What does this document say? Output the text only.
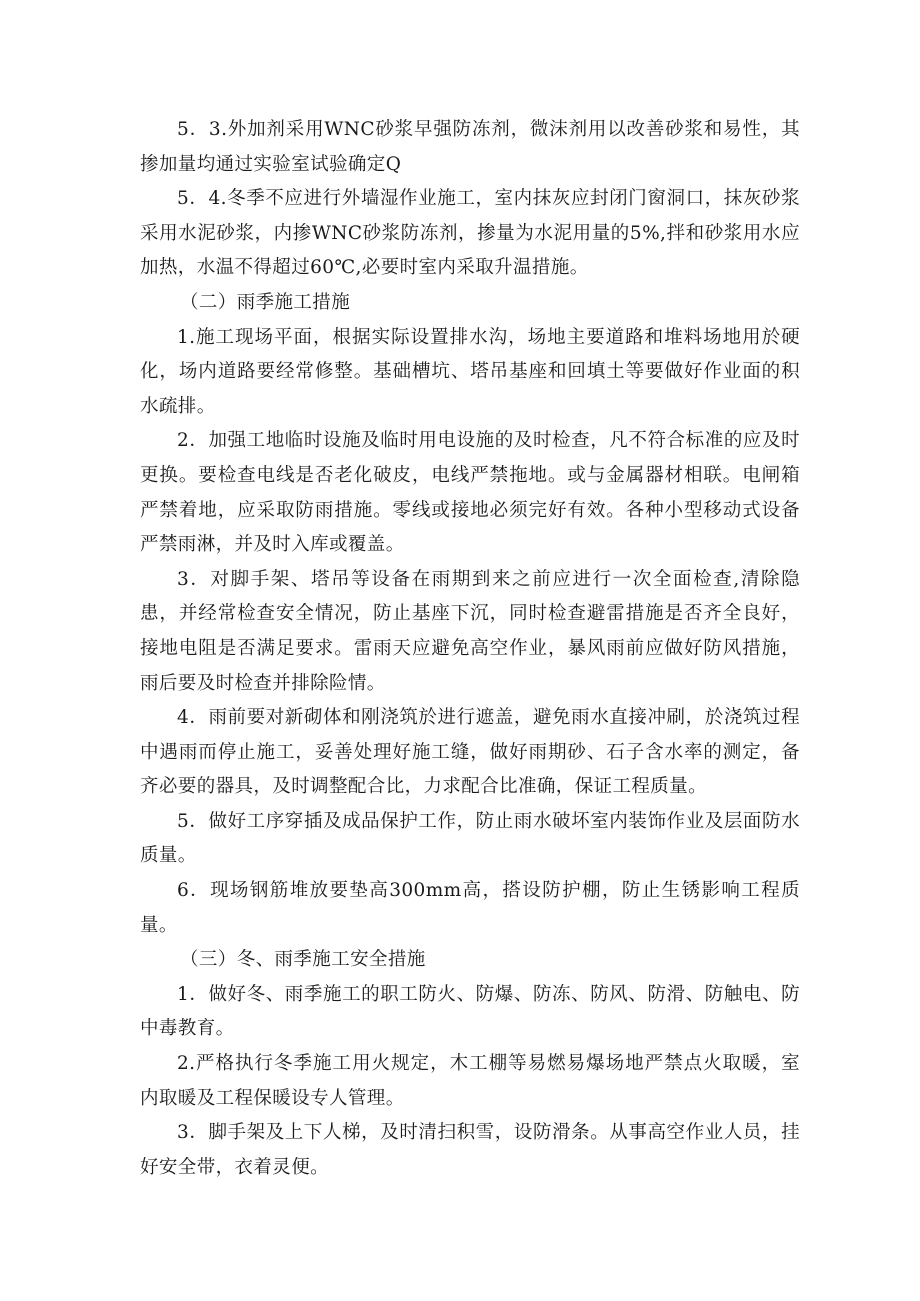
5．3.外加剂采用WNC砂浆早强防冻剂，微沫剂用以改善砂浆和易性，其掺加量均通过实验室试验确定Q

5．4.冬季不应进行外墙湿作业施工，室内抹灰应封闭门窗洞口，抹灰砂浆采用水泥砂浆，内掺WNC砂浆防冻剂，掺量为水泥用量的5%,拌和砂浆用水应加热，水温不得超过60℃,必要时室内采取升温措施。

（二）雨季施工措施

1.施工现场平面，根据实际设置排水沟，场地主要道路和堆料场地用於硬化，场内道路要经常修整。基础槽坑、塔吊基座和回填土等要做好作业面的积水疏排。

2．加强工地临时设施及临时用电设施的及时检查，凡不符合标准的应及时更换。要检查电线是否老化破皮，电线严禁拖地。或与金属器材相联。电闸箱严禁着地，应采取防雨措施。零线或接地必须完好有效。各种小型移动式设备严禁雨淋，并及时入库或覆盖。

3．对脚手架、塔吊等设备在雨期到来之前应进行一次全面检查,清除隐患，并经常检查安全情况，防止基座下沉，同时检查避雷措施是否齐全良好，接地电阻是否满足要求。雷雨天应避免高空作业，暴风雨前应做好防风措施，雨后要及时检查并排除险情。

4．雨前要对新砌体和刚浇筑於进行遮盖，避免雨水直接冲刷，於浇筑过程中遇雨而停止施工，妥善处理好施工缝，做好雨期砂、石子含水率的测定，备齐必要的器具，及时调整配合比，力求配合比准确，保证工程质量。

5．做好工序穿插及成品保护工作，防止雨水破坏室内装饰作业及层面防水质量。

6．现场钢筋堆放要垫高300mm高，搭设防护棚，防止生锈影响工程质量。

（三）冬、雨季施工安全措施

1．做好冬、雨季施工的职工防火、防爆、防冻、防风、防滑、防触电、防中毒教育。

2.严格执行冬季施工用火规定，木工棚等易燃易爆场地严禁点火取暖，室内取暖及工程保暖设专人管理。

3．脚手架及上下人梯，及时清扫积雪，设防滑条。从事高空作业人员，挂好安全带，衣着灵便。
